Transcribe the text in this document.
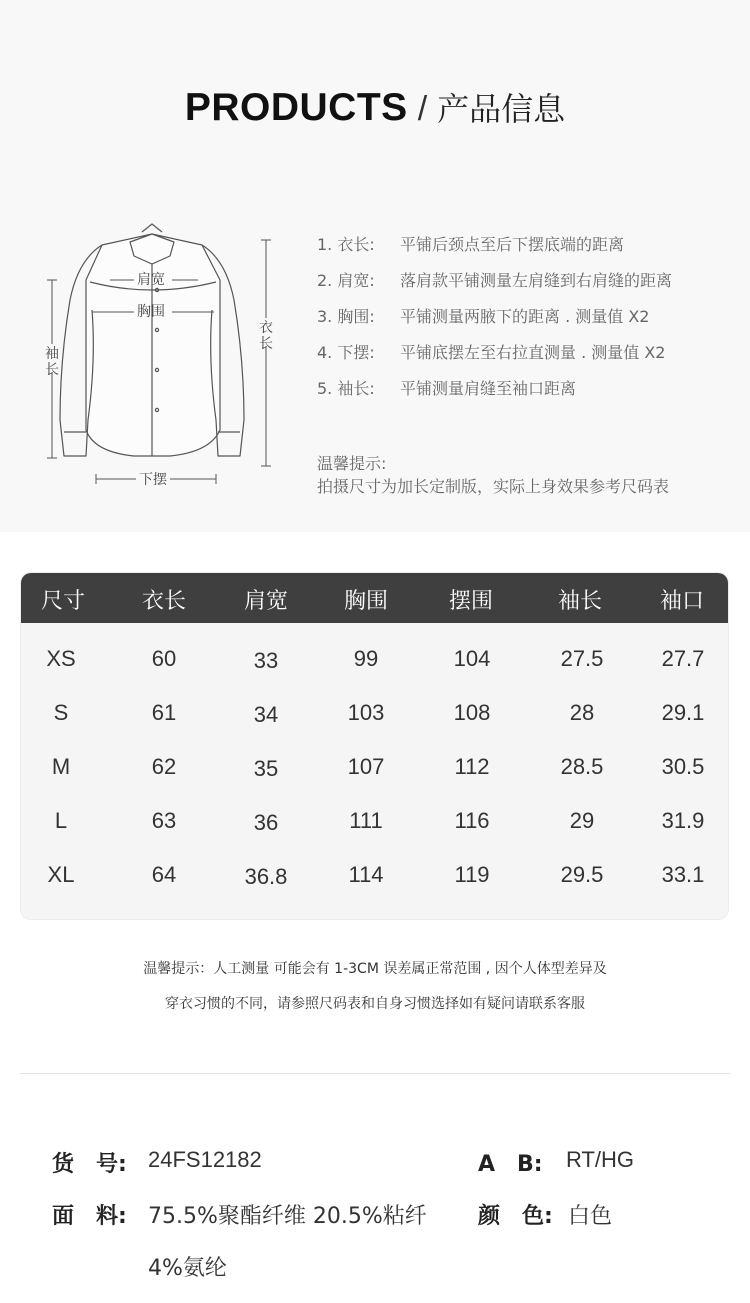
PRODUCTS / 产品信息
肩宽
胸围
衣长
袖长
下摆
1. 衣长:	平铺后颈点至后下摆底端的距离
2. 肩宽:	落肩款平铺测量左肩缝到右肩缝的距离
3. 胸围:	平铺测量两腋下的距离 . 测量值 X2
4. 下摆:	平铺底摆左至右拉直测量 . 测量值 X2
5. 袖长:	平铺测量肩缝至袖口距离
温馨提示:
拍摄尺寸为加长定制版，实际上身效果参考尺码表
尺寸	衣长	肩宽	胸围	摆围	袖长	袖口
XS	60	33	99	104	27.5	27.7
S	61	34	103	108	28	29.1
M	62	35	107	112	28.5	30.5
L	63	36	111	116	29	31.9
XL	64	36.8	114	119	29.5	33.1
温馨提示：人工测量 可能会有 1-3CM 误差属正常范围 , 因个人体型差异及
穿衣习惯的不同，请参照尺码表和自身习惯选择如有疑问请联系客服
货　号: 24FS12182	A　B: RT/HG
面　料: 75.5%聚酯纤维 20.5%粘纤 颜　色: 白色
4%氨纶
